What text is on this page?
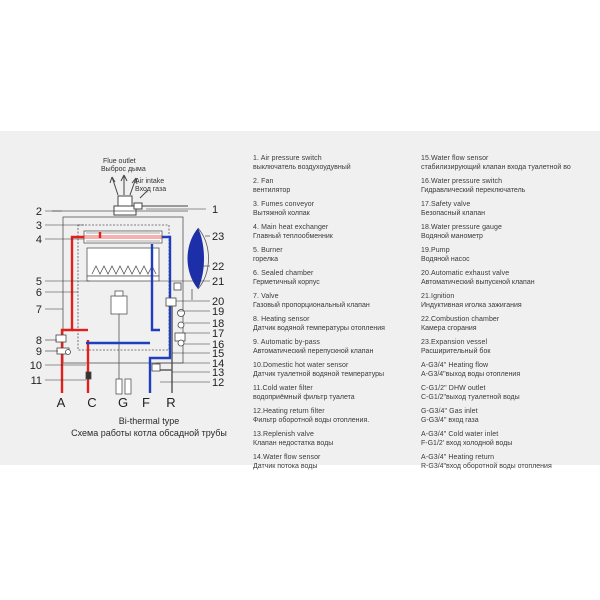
Flue outlet
Выброс дыма
Air intake
Вход газа
2
3
4
5
6
7
8
9
10
11
1
23
22
21
20
19
18
17
16
15
14
13
12
A C G F R
Bi-thermal type
Схема работы котла обсадной трубы
1. Air pressure switch
выключатель воздухоудувный
2. Fan
вентилятор
3. Fumes conveyor
Вытяжной колпак
4. Main heat exchanger
Главный теплообменник
5. Burner
горелка
6. Sealed chamber
Герметичный корпус
7. Valve
Газовый пропорциональный клапан
8. Heating sensor
Датчик водяной температуры отопления
9. Automatic by-pass
Автоматический перепускной клапан
10.Domestic hot water sensor
Датчик туалетной водяной температуры
11.Cold water filter
водоприёмный фильтр туалета
12.Heating return filter
Фильтр оборотной воды отопления.
13.Replenish valve
Клапан недостатка воды
14.Water flow sensor
Датчик потока воды
15.Water flow sensor
стабилизирующий клапан входа туалетной во
16.Water pressure switch
Гидравлический переключатель
17.Safety valve
Безопасный клапан
18.Water pressure gauge
Водяной манометр
19.Pump
Водяной насос
20.Automatic exhaust valve
Автоматический выпускной клапан
21.Ignition
Индуктивная иголка зажигания
22.Combustion chamber
Камера сгорания
23.Expansion vessel
Расширительный бок
A-G3/4" Heating flow
A-G3/4"выход воды отопления
C-G1/2" DHW outlet
C-G1/2"выход туалетной воды
G-G3/4" Gas inlet
G-G3/4" вход газа
A-G3/4" Cold water inlet
F-G1/2' вход холодной воды
A-G3/4" Heating return
R-G3/4"вход оборотной воды отопления
